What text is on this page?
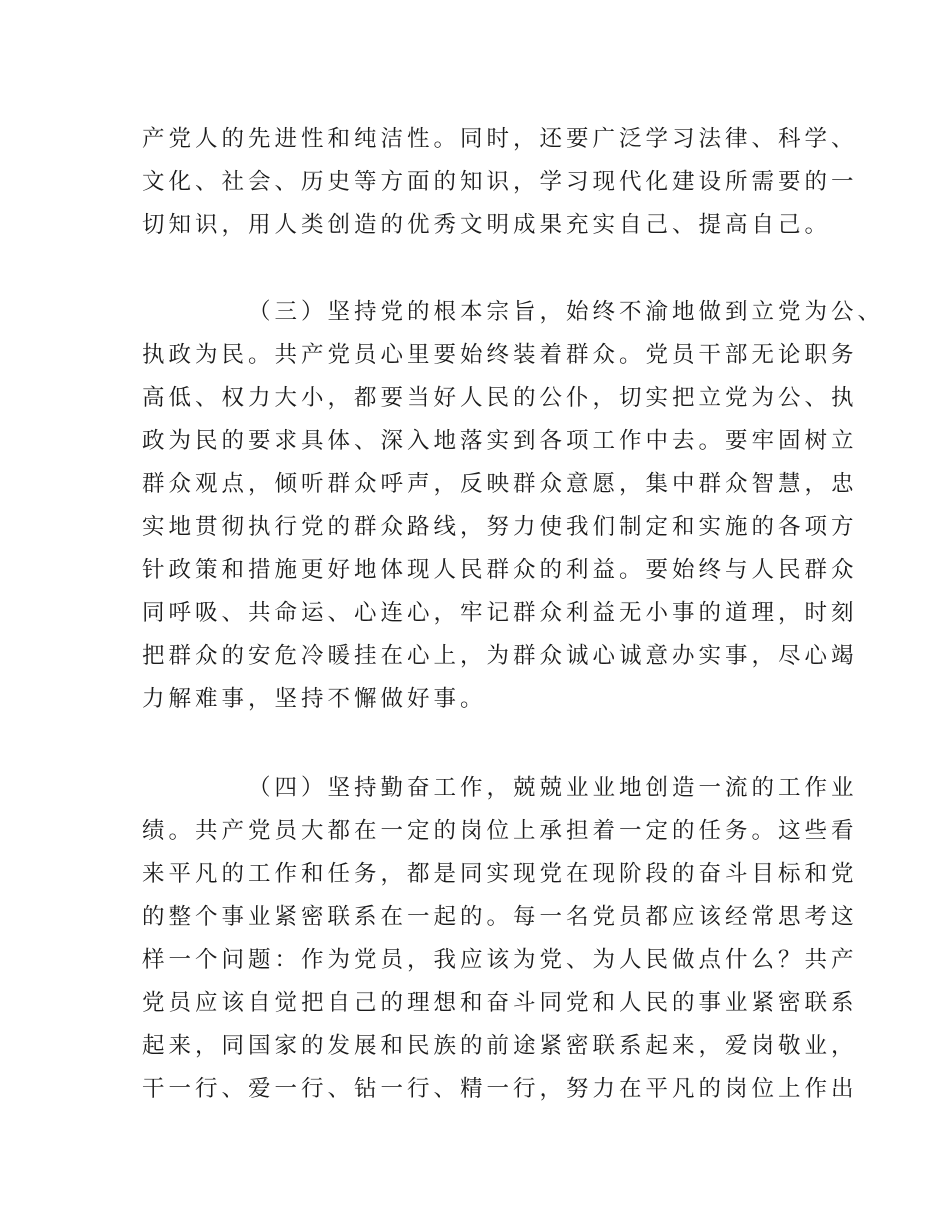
产党人的先进性和纯洁性。同时，还要广泛学习法律、科学、
文化、社会、历史等方面的知识，学习现代化建设所需要的一
切知识，用人类创造的优秀文明成果充实自己、提高自己。
（三）坚持党的根本宗旨，始终不渝地做到立党为公、
执政为民。共产党员心里要始终装着群众。党员干部无论职务
高低、权力大小，都要当好人民的公仆，切实把立党为公、执
政为民的要求具体、深入地落实到各项工作中去。要牢固树立
群众观点，倾听群众呼声，反映群众意愿，集中群众智慧，忠
实地贯彻执行党的群众路线，努力使我们制定和实施的各项方
针政策和措施更好地体现人民群众的利益。要始终与人民群众
同呼吸、共命运、心连心，牢记群众利益无小事的道理，时刻
把群众的安危冷暖挂在心上，为群众诚心诚意办实事，尽心竭
力解难事，坚持不懈做好事。
（四）坚持勤奋工作，兢兢业业地创造一流的工作业
绩。共产党员大都在一定的岗位上承担着一定的任务。这些看
来平凡的工作和任务，都是同实现党在现阶段的奋斗目标和党
的整个事业紧密联系在一起的。每一名党员都应该经常思考这
样一个问题：作为党员，我应该为党、为人民做点什么？共产
党员应该自觉把自己的理想和奋斗同党和人民的事业紧密联系
起来，同国家的发展和民族的前途紧密联系起来，爱岗敬业，
干一行、爱一行、钻一行、精一行，努力在平凡的岗位上作出
